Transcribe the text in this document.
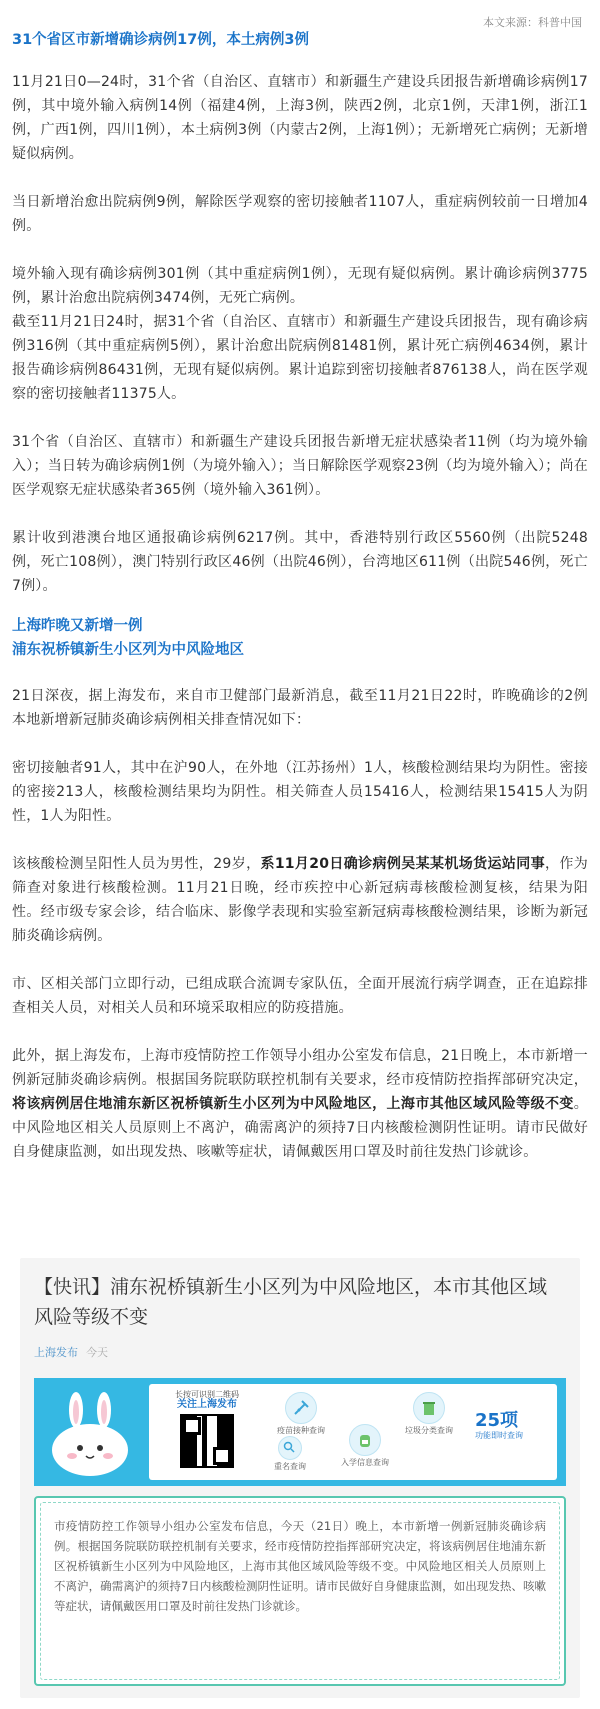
本文来源：科普中国
31个省区市新增确诊病例17例，本土病例3例
11月21日0—24时，31个省（自治区、直辖市）和新疆生产建设兵团报告新增确诊病例17例，其中境外输入病例14例（福建4例，上海3例，陕西2例，北京1例，天津1例，浙江1例，广西1例，四川1例），本土病例3例（内蒙古2例，上海1例）；无新增死亡病例；无新增疑似病例。
当日新增治愈出院病例9例，解除医学观察的密切接触者1107人，重症病例较前一日增加4例。
境外输入现有确诊病例301例（其中重症病例1例），无现有疑似病例。累计确诊病例3775例，累计治愈出院病例3474例，无死亡病例。
截至11月21日24时，据31个省（自治区、直辖市）和新疆生产建设兵团报告，现有确诊病例316例（其中重症病例5例），累计治愈出院病例81481例，累计死亡病例4634例，累计报告确诊病例86431例，无现有疑似病例。累计追踪到密切接触者876138人，尚在医学观察的密切接触者11375人。
31个省（自治区、直辖市）和新疆生产建设兵团报告新增无症状感染者11例（均为境外输入）；当日转为确诊病例1例（为境外输入）；当日解除医学观察23例（均为境外输入）；尚在医学观察无症状感染者365例（境外输入361例）。
累计收到港澳台地区通报确诊病例6217例。其中，香港特别行政区5560例（出院5248例，死亡108例），澳门特别行政区46例（出院46例），台湾地区611例（出院546例，死亡7例）。
上海昨晚又新增一例
浦东祝桥镇新生小区列为中风险地区
21日深夜，据上海发布，来自市卫健部门最新消息，截至11月21日22时，昨晚确诊的2例本地新增新冠肺炎确诊病例相关排查情况如下：
密切接触者91人，其中在沪90人，在外地（江苏扬州）1人，核酸检测结果均为阴性。密接的密接213人，核酸检测结果均为阴性。相关筛查人员15416人，检测结果15415人为阴性，1人为阳性。
该核酸检测呈阳性人员为男性，29岁，系11月20日确诊病例吴某某机场货运站同事，作为筛查对象进行核酸检测。11月21日晚，经市疾控中心新冠病毒核酸检测复核，结果为阳性。经市级专家会诊，结合临床、影像学表现和实验室新冠病毒核酸检测结果，诊断为新冠肺炎确诊病例。
市、区相关部门立即行动，已组成联合流调专家队伍，全面开展流行病学调查，正在追踪排查相关人员，对相关人员和环境采取相应的防疫措施。
此外，据上海发布，上海市疫情防控工作领导小组办公室发布信息，21日晚上，本市新增一例新冠肺炎确诊病例。根据国务院联防联控机制有关要求，经市疫情防控指挥部研究决定，将该病例居住地浦东新区祝桥镇新生小区列为中风险地区，上海市其他区域风险等级不变。中风险地区相关人员原则上不离沪，确需离沪的须持7日内核酸检测阴性证明。请市民做好自身健康监测，如出现发热、咳嗽等症状，请佩戴医用口罩及时前往发热门诊就诊。
【快讯】浦东祝桥镇新生小区列为中风险地区，本市其他区域风险等级不变
上海发布 今天
长按可识别二维码
关注上海发布
疫苗接种查询	垃圾分类查询
重名查询	入学信息查询
25项
功能即时查询
市疫情防控工作领导小组办公室发布信息，今天（21日）晚上，本市新增一例新冠肺炎确诊病例。根据国务院联防联控机制有关要求，经市疫情防控指挥部研究决定，将该病例居住地浦东新区祝桥镇新生小区列为中风险地区，上海市其他区域风险等级不变。中风险地区相关人员原则上不离沪，确需离沪的须持7日内核酸检测阴性证明。请市民做好自身健康监测，如出现发热、咳嗽等症状，请佩戴医用口罩及时前往发热门诊就诊。
